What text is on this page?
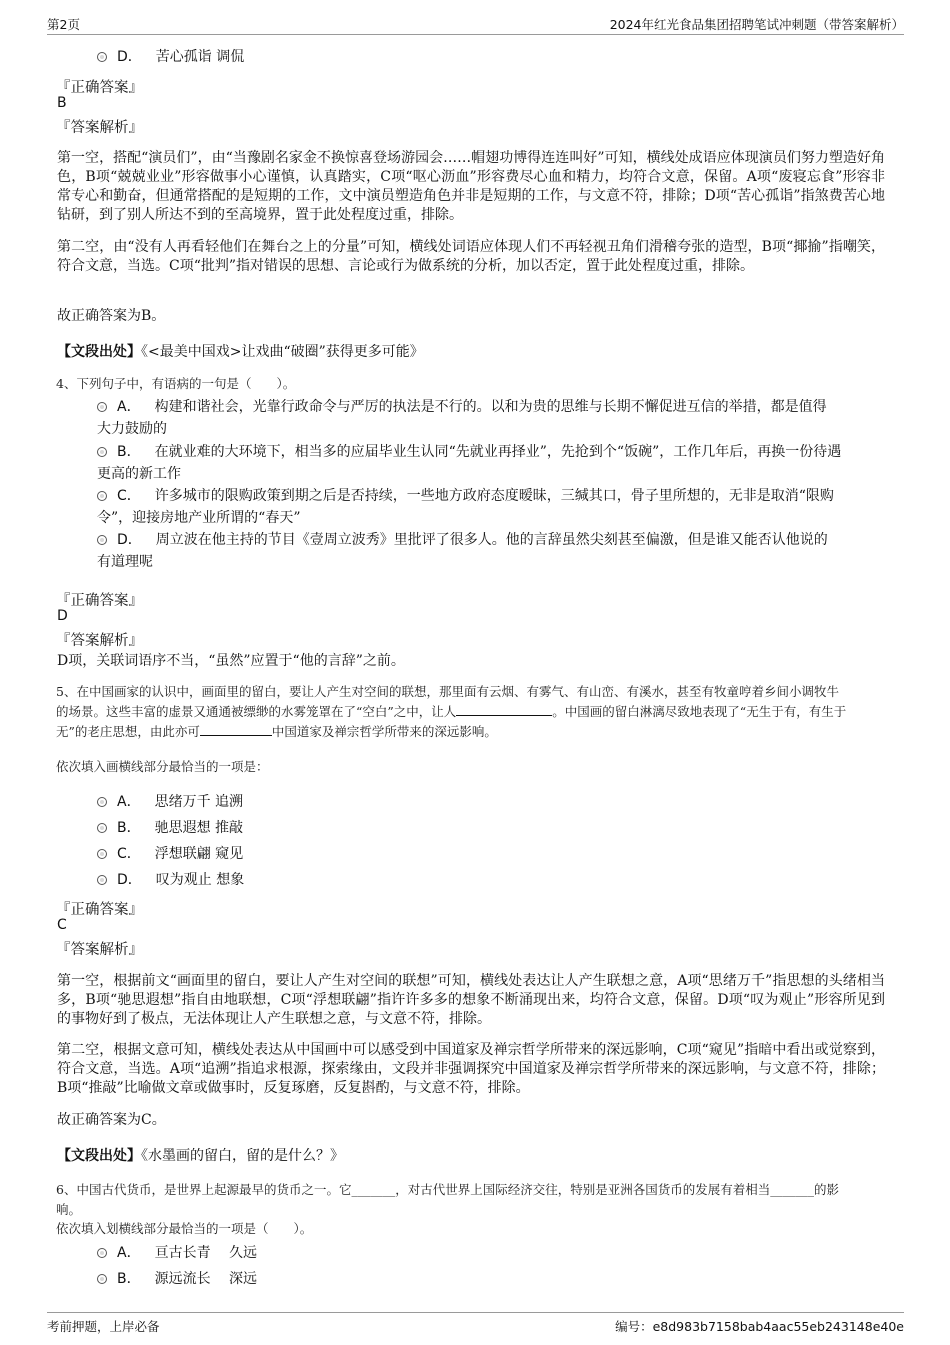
第2页	2024年红光食品集团招聘笔试冲刺题（带答案解析）
D． 苦心孤诣 调侃
『正确答案』
B
『答案解析』
第一空，搭配“演员们”，由“当豫剧名家金不换惊喜登场游园会……帽翅功博得连连叫好”可知，横线处成语应体现演员们努力塑造好角色，B项“兢兢业业”形容做事小心谨慎，认真踏实，C项“呕心沥血”形容费尽心血和精力，均符合文意，保留。A项“废寝忘食”形容非常专心和勤奋，但通常搭配的是短期的工作，文中演员塑造角色并非是短期的工作，与文意不符，排除；D项“苦心孤诣”指煞费苦心地钻研，到了别人所达不到的至高境界，置于此处程度过重，排除。
第二空，由“没有人再看轻他们在舞台之上的分量”可知，横线处词语应体现人们不再轻视丑角们滑稽夸张的造型，B项“揶揄”指嘲笑，符合文意，当选。C项“批判”指对错误的思想、言论或行为做系统的分析，加以否定，置于此处程度过重，排除。
故正确答案为B。
【文段出处】《<最美中国戏>让戏曲“破圈”获得更多可能》
4、下列句子中，有语病的一句是（　　）。
A． 构建和谐社会，光靠行政命令与严厉的执法是不行的。以和为贵的思维与长期不懈促进互信的举措，都是值得
大力鼓励的
B． 在就业难的大环境下，相当多的应届毕业生认同“先就业再择业”，先抢到个“饭碗”，工作几年后，再换一份待遇
更高的新工作
C． 许多城市的限购政策到期之后是否持续，一些地方政府态度暧昧，三缄其口，骨子里所想的，无非是取消“限购
令”，迎接房地产业所谓的“春天”
D． 周立波在他主持的节目《壹周立波秀》里批评了很多人。他的言辞虽然尖刻甚至偏激，但是谁又能否认他说的
有道理呢
『正确答案』
D
『答案解析』
D项，关联词语序不当，“虽然”应置于“他的言辞”之前。
5、在中国画家的认识中，画面里的留白，要让人产生对空间的联想，那里面有云烟、有雾气、有山峦、有溪水，甚至有牧童哼着乡间小调牧牛
的场景。这些丰富的虚景又通通被缥缈的水雾笼罩在了“空白”之中，让人	。中国画的留白淋漓尽致地表现了“无生于有，有生于
无”的老庄思想，由此亦可	中国道家及禅宗哲学所带来的深远影响。
依次填入画横线部分最恰当的一项是：
A． 思绪万千 追溯
B． 驰思遐想 推敲
C． 浮想联翩 窥见
D． 叹为观止 想象
『正确答案』
C
『答案解析』
第一空，根据前文“画面里的留白，要让人产生对空间的联想”可知，横线处表达让人产生联想之意，A项“思绪万千”指思想的头绪相当多，B项“驰思遐想”指自由地联想，C项“浮想联翩”指许许多多的想象不断涌现出来，均符合文意，保留。D项“叹为观止”形容所见到的事物好到了极点，无法体现让人产生联想之意，与文意不符，排除。
第二空，根据文意可知，横线处表达从中国画中可以感受到中国道家及禅宗哲学所带来的深远影响，C项“窥见”指暗中看出或觉察到，符合文意，当选。A项“追溯”指追求根源，探索缘由，文段并非强调探究中国道家及禅宗哲学所带来的深远影响，与文意不符，排除；B项“推敲”比喻做文章或做事时，反复琢磨，反复斟酌，与文意不符，排除。
故正确答案为C。
【文段出处】《水墨画的留白，留的是什么？》
6、中国古代货币，是世界上起源最早的货币之一。它_______，对古代世界上国际经济交往，特别是亚洲各国货币的发展有着相当_______的影
响。
依次填入划横线部分最恰当的一项是（　　）。
A． 亘古长青　 久远
B． 源远流长　 深远
考前押题，上岸必备	编号：e8d983b7158bab4aac55eb243148e40e
